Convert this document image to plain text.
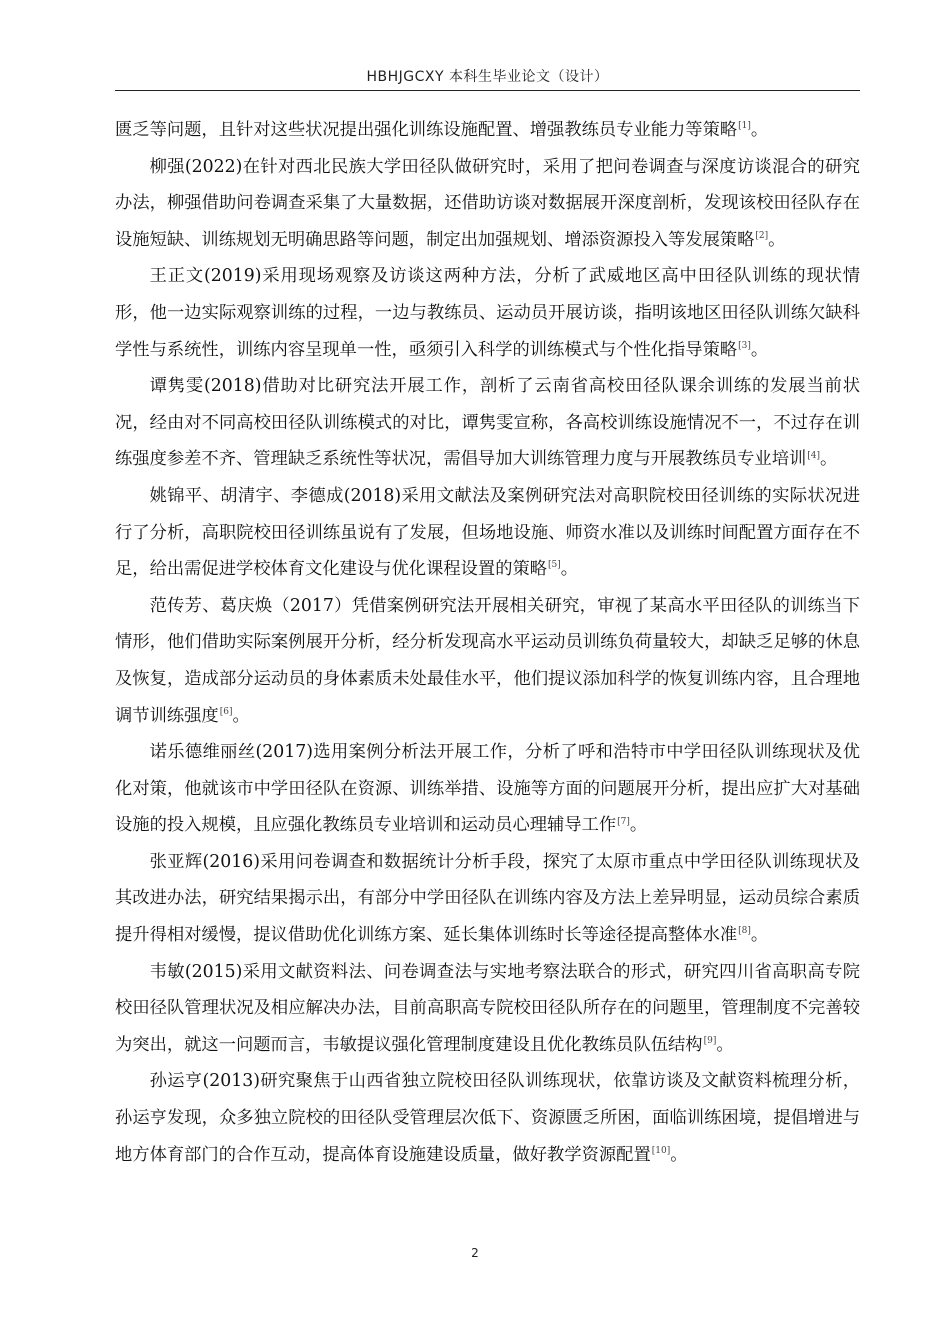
HBHJGCXY 本科生毕业论文（设计）

匮乏等问题，且针对这些状况提出强化训练设施配置、增强教练员专业能力等策略[1]。

柳强(2022)在针对西北民族大学田径队做研究时，采用了把问卷调查与深度访谈混合的研究办法，柳强借助问卷调查采集了大量数据，还借助访谈对数据展开深度剖析，发现该校田径队存在设施短缺、训练规划无明确思路等问题，制定出加强规划、增添资源投入等发展策略[2]。

王正文(2019)采用现场观察及访谈这两种方法，分析了武威地区高中田径队训练的现状情形，他一边实际观察训练的过程，一边与教练员、运动员开展访谈，指明该地区田径队训练欠缺科学性与系统性，训练内容呈现单一性，亟须引入科学的训练模式与个性化指导策略[3]。

谭隽雯(2018)借助对比研究法开展工作，剖析了云南省高校田径队课余训练的发展当前状况，经由对不同高校田径队训练模式的对比，谭隽雯宣称，各高校训练设施情况不一，不过存在训练强度参差不齐、管理缺乏系统性等状况，需倡导加大训练管理力度与开展教练员专业培训[4]。

姚锦平、胡清宇、李德成(2018)采用文献法及案例研究法对高职院校田径训练的实际状况进行了分析，高职院校田径训练虽说有了发展，但场地设施、师资水准以及训练时间配置方面存在不足，给出需促进学校体育文化建设与优化课程设置的策略[5]。

范传芳、葛庆焕（2017）凭借案例研究法开展相关研究，审视了某高水平田径队的训练当下情形，他们借助实际案例展开分析，经分析发现高水平运动员训练负荷量较大，却缺乏足够的休息及恢复，造成部分运动员的身体素质未处最佳水平，他们提议添加科学的恢复训练内容，且合理地调节训练强度[6]。

诺乐德维丽丝(2017)选用案例分析法开展工作，分析了呼和浩特市中学田径队训练现状及优化对策，他就该市中学田径队在资源、训练举措、设施等方面的问题展开分析，提出应扩大对基础设施的投入规模，且应强化教练员专业培训和运动员心理辅导工作[7]。

张亚辉(2016)采用问卷调查和数据统计分析手段，探究了太原市重点中学田径队训练现状及其改进办法，研究结果揭示出，有部分中学田径队在训练内容及方法上差异明显，运动员综合素质提升得相对缓慢，提议借助优化训练方案、延长集体训练时长等途径提高整体水准[8]。

韦敏(2015)采用文献资料法、问卷调查法与实地考察法联合的形式，研究四川省高职高专院校田径队管理状况及相应解决办法，目前高职高专院校田径队所存在的问题里，管理制度不完善较为突出，就这一问题而言，韦敏提议强化管理制度建设且优化教练员队伍结构[9]。

孙运亨(2013)研究聚焦于山西省独立院校田径队训练现状，依靠访谈及文献资料梳理分析，孙运亨发现，众多独立院校的田径队受管理层次低下、资源匮乏所困，面临训练困境，提倡增进与地方体育部门的合作互动，提高体育设施建设质量，做好教学资源配置[10]。

2
